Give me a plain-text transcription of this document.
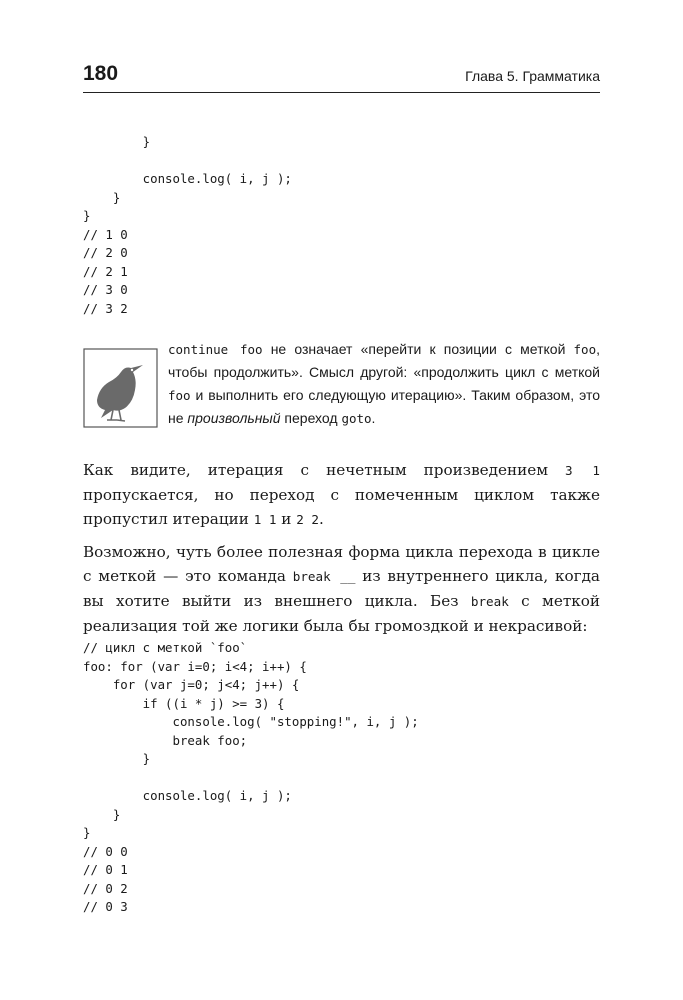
180	Глава 5. Грамматика
}

console.log( i, j );
}
}
// 1 0
// 2 0
// 2 1
// 3 0
// 3 2
continue foo не означает «перейти к позиции с меткой foo, чтобы продолжить». Смысл другой: «продолжить цикл с меткой foo и выполнить его следующую итерацию». Таким образом, это не произвольный переход goto.

Как видите, итерация с нечетным произведением 3 1 пропускается, но переход с помеченным циклом также пропустил итерации 1 1 и 2 2.

Возможно, чуть более полезная форма цикла перехода в цикле с меткой — это команда break __ из внутреннего цикла, когда вы хотите выйти из внешнего цикла. Без break с меткой реализация той же логики была бы громоздкой и некрасивой:

// цикл с меткой `foo`
foo: for (var i=0; i<4; i++) {
for (var j=0; j<4; j++) {
if ((i * j) >= 3) {
console.log( "stopping!", i, j );
break foo;
}

console.log( i, j );
}
}
// 0 0
// 0 1
// 0 2
// 0 3
